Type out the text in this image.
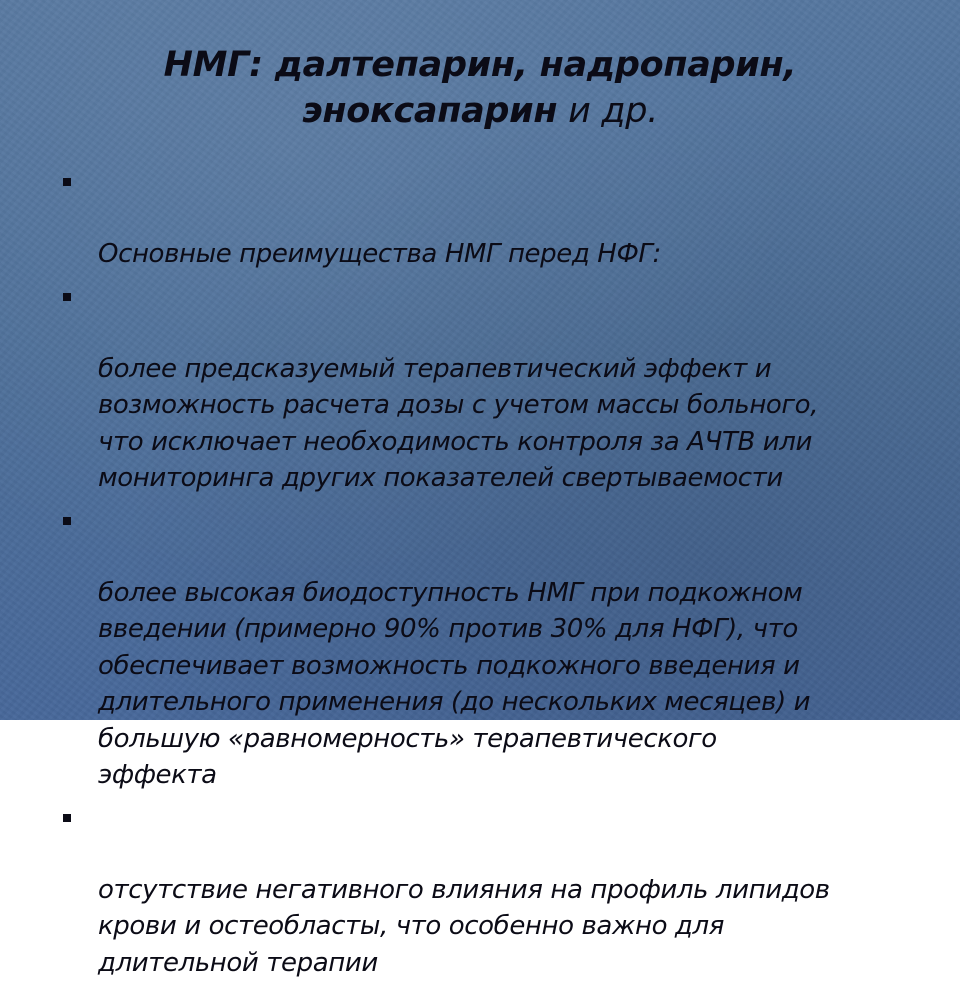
НМГ: далтепарин, надропарин,
эноксапарин и др.

Основные преимущества НМГ перед НФГ:

более предсказуемый терапевтический эффект и
возможность расчета дозы с учетом массы больного,
что исключает необходимость контроля за АЧТВ или
мониторинга других показателей свертываемости

более высокая биодоступность НМГ при подкожном
введении (примерно 90% против 30% для НФГ), что
обеспечивает возможность подкожного введения и
длительного применения (до нескольких месяцев) и
большую «равномерность» терапевтического
эффекта

отсутствие негативного влияния на профиль липидов
крови и остеобласты, что особенно важно для
длительной терапии
